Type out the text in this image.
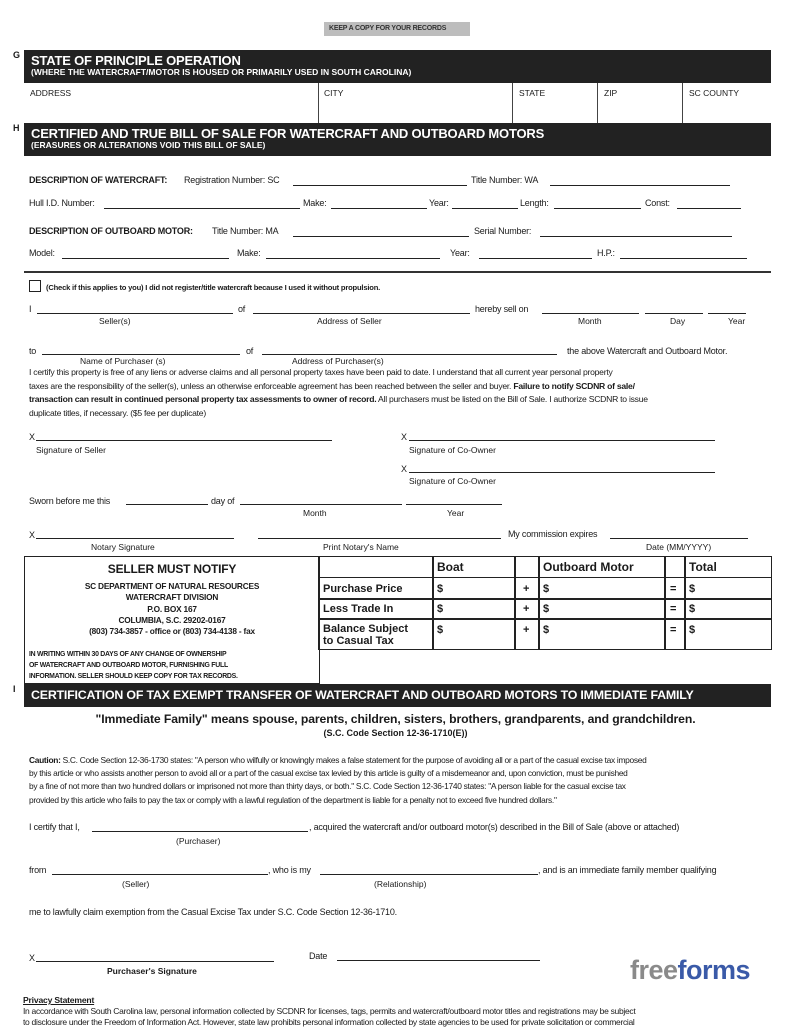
KEEP A COPY FOR YOUR RECORDS
G STATE OF PRINCIPLE OPERATION
(WHERE THE WATERCRAFT/MOTOR IS HOUSED OR PRIMARILY USED IN SOUTH CAROLINA)
ADDRESS	CITY	STATE	ZIP	SC COUNTY
H CERTIFIED AND TRUE BILL OF SALE FOR WATERCRAFT AND OUTBOARD MOTORS
(ERASURES OR ALTERATIONS VOID THIS BILL OF SALE)
DESCRIPTION OF WATERCRAFT: Registration Number: SC	Title Number: WA
Hull I.D. Number:	Make:	Year:	Length:	Const:
DESCRIPTION OF OUTBOARD MOTOR: Title Number: MA	Serial Number:
Model:	Make:	Year:	H.P.:
(Check if this applies to you) I did not register/title watercraft because I used it without propulsion.
I	of	hereby sell on
Seller(s)	Address of Seller	Month	Day	Year
to	of	the above Watercraft and Outboard Motor.
Name of Purchaser (s)	Address of Purchaser(s)
I certify this property is free of any liens or adverse claims and all personal property taxes have been paid to date. I understand that all current year personal property
taxes are the responsibility of the seller(s), unless an otherwise enforceable agreement has been reached between the seller and buyer. Failure to notify SCDNR of sale/
transaction can result in continued personal property tax assessments to owner of record. All purchasers must be listed on the Bill of Sale. I authorize SCDNR to issue
duplicate titles, if necessary. ($5 fee per duplicate)
X
Signature of Seller
X
Signature of Co-Owner
X
Signature of Co-Owner
Sworn before me this	day of
Month	Year
X	My commission expires
Notary Signature	Print Notary's Name	Date (MM/YYYY)
SELLER MUST NOTIFY
SC DEPARTMENT OF NATURAL RESOURCES
WATERCRAFT DIVISION
P.O. BOX 167
COLUMBIA, S.C. 29202-0167
(803) 734-3857 - office or (803) 734-4138 - fax
IN WRITING WITHIN 30 DAYS OF ANY CHANGE OF OWNERSHIP
OF WATERCRAFT AND OUTBOARD MOTOR, FURNISHING FULL
INFORMATION. SELLER SHOULD KEEP COPY FOR TAX RECORDS.
Boat	Outboard Motor	Total
Purchase Price	$	+ $	= $
Less Trade In	$	+ $	= $
Balance Subject
to Casual Tax
$	+ $	= $
I CERTIFICATION OF TAX EXEMPT TRANSFER OF WATERCRAFT AND OUTBOARD MOTORS TO IMMEDIATE FAMILY
"Immediate Family" means spouse, parents, children, sisters, brothers, grandparents, and grandchildren.
(S.C. Code Section 12-36-1710(E))
Caution: S.C. Code Section 12-36-1730 states: "A person who wilfully or knowingly makes a false statement for the purpose of avoiding all or a part of the casual excise tax imposed
by this article or who assists another person to avoid all or a part of the casual excise tax levied by this article is guilty of a misdemeanor and, upon conviction, must be punished
by a fine of not more than two hundred dollars or imprisoned not more than thirty days, or both." S.C. Code Section 12-36-1740 states: "A person liable for the casual excise tax
provided by this article who fails to pay the tax or comply with a lawful regulation of the department is liable for a penalty not to exceed five hundred dollars."
I certify that I,	, acquired the watercraft and/or outboard motor(s) described in the Bill of Sale (above or attached)
(Purchaser)
from	, who is my	, and is an immediate family member qualifying
(Seller)	(Relationship)
me to lawfully claim exemption from the Casual Excise Tax under S.C. Code Section 12-36-1710.
X
Purchaser's Signature
Date	freeforms
Privacy Statement
In accordance with South Carolina law, personal information collected by SCDNR for licenses, tags, permits and watercraft/outboard motor titles and registrations may be subject
to disclosure under the Freedom of Information Act. However, state law prohibits personal information collected by state agencies to be used for private solicitation or commercial
